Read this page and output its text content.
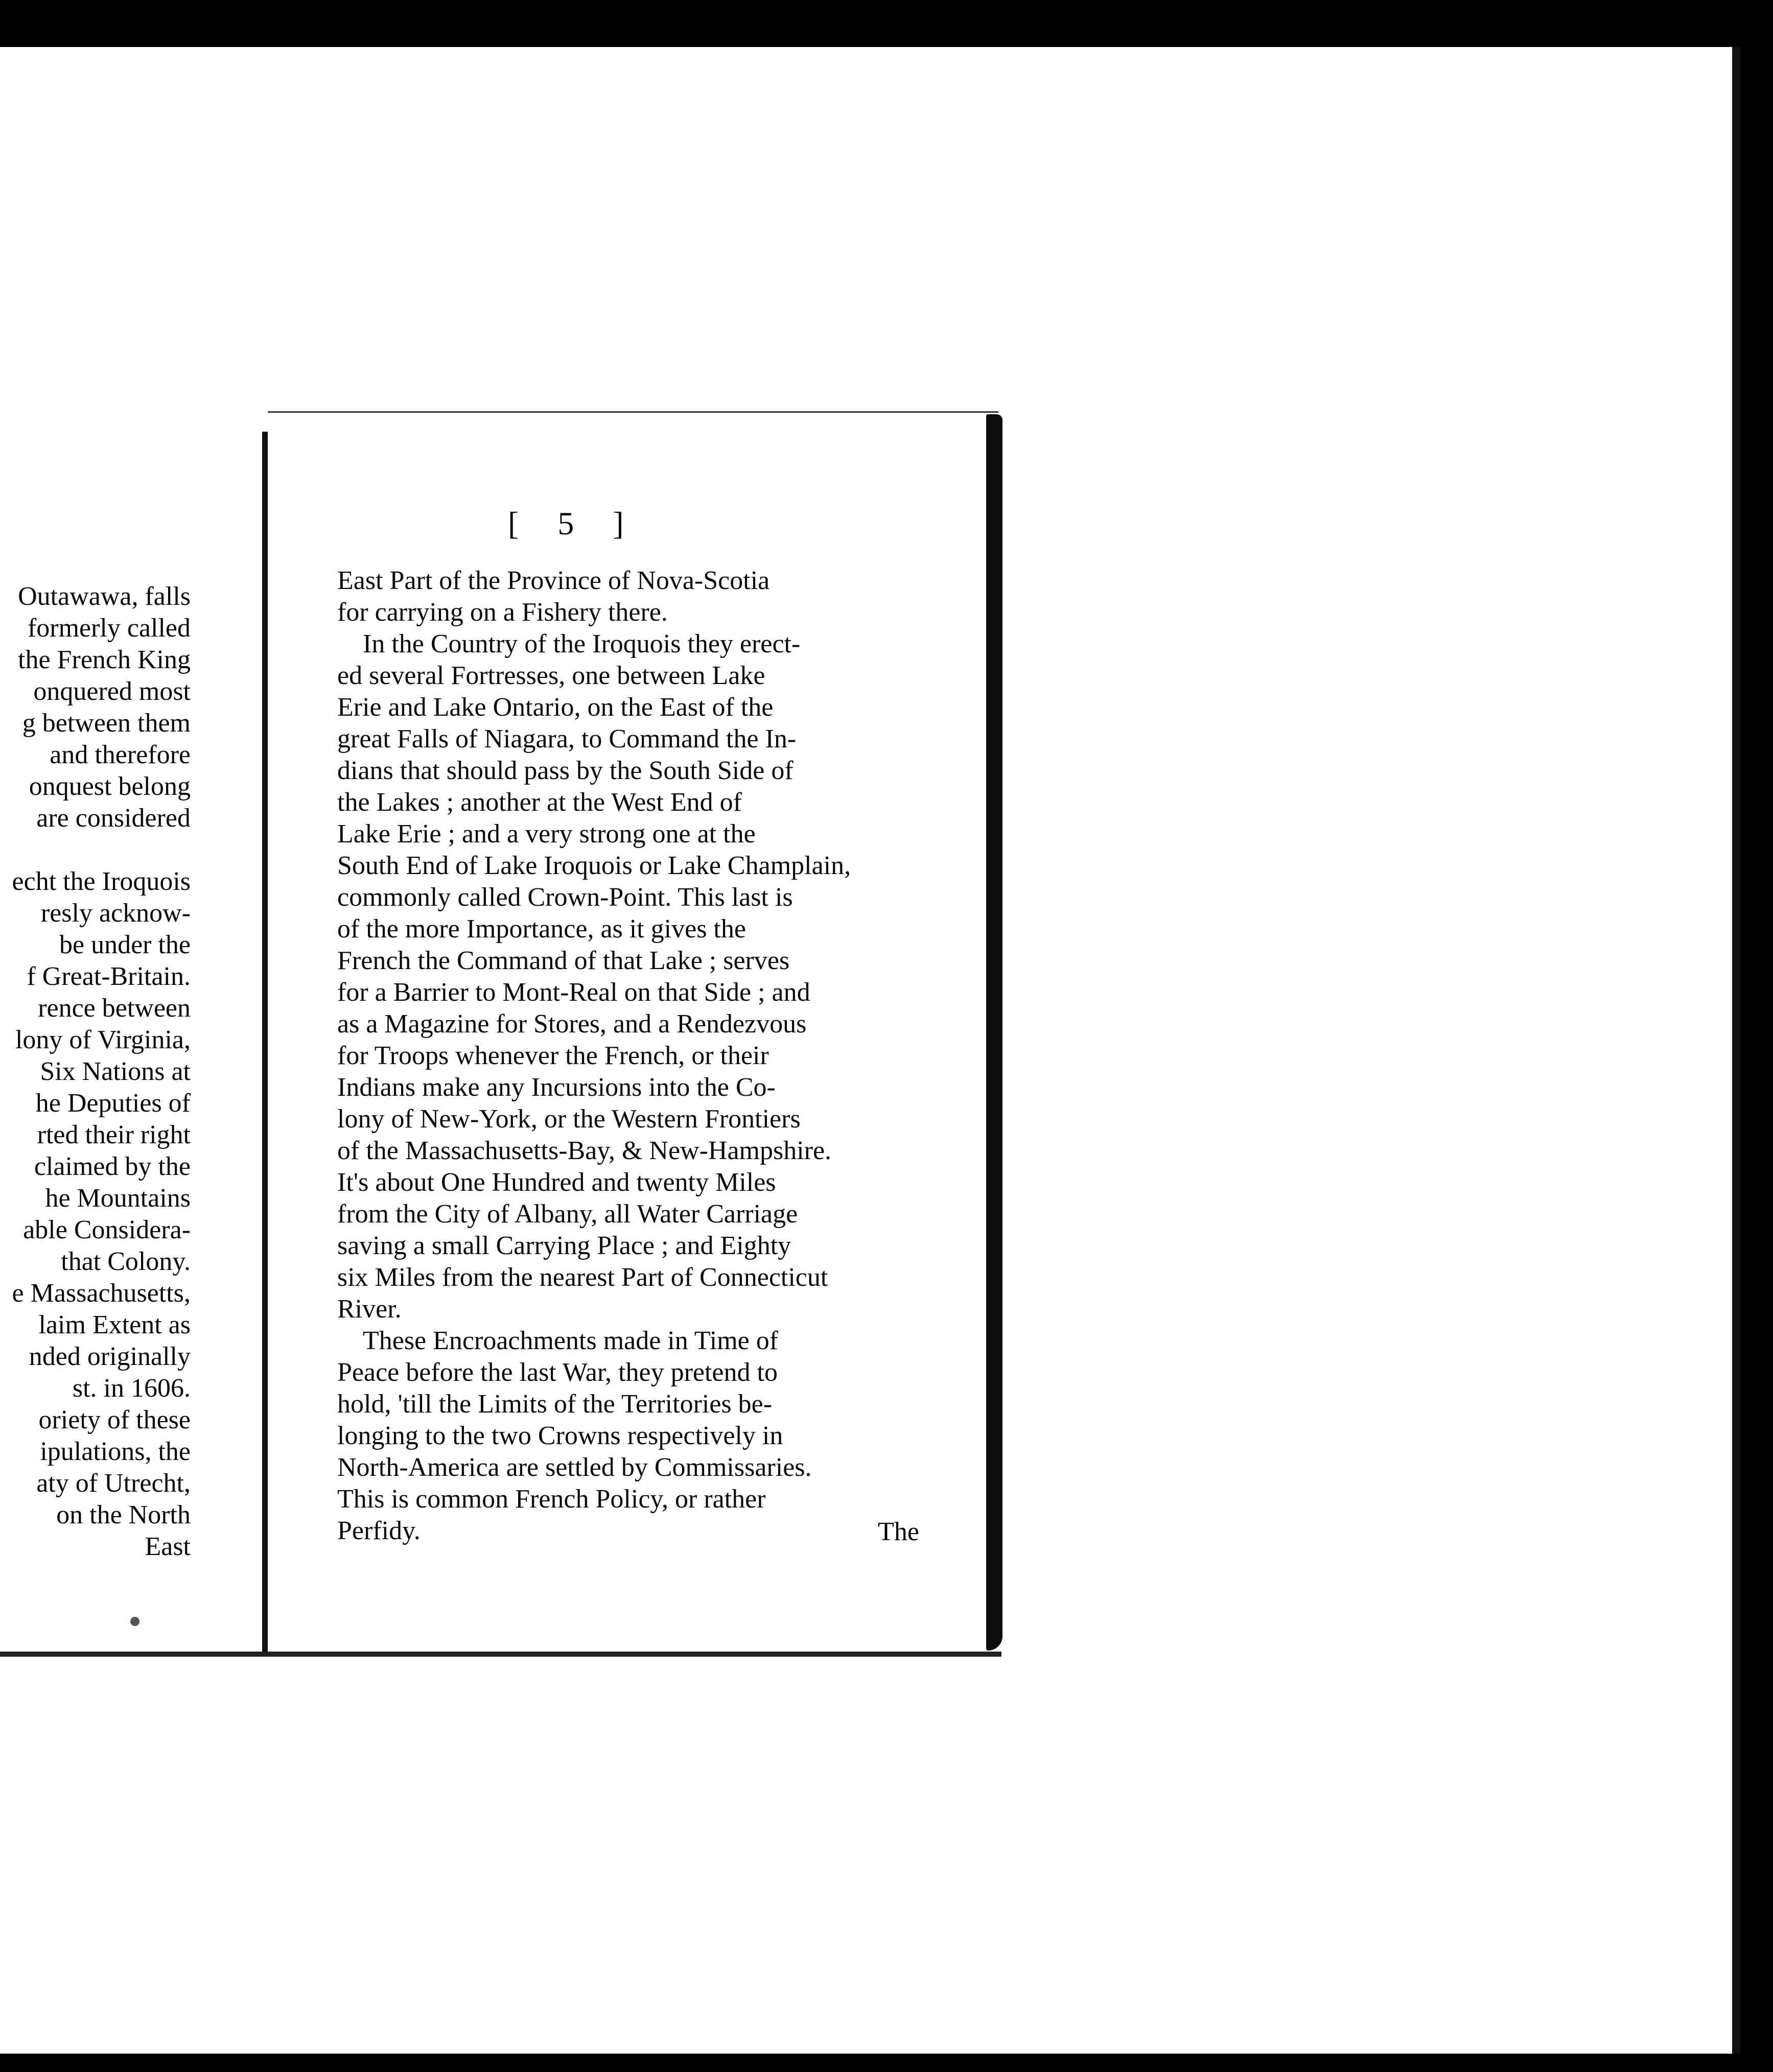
Outawawa, falls
formerly called
the French King
onquered most
g between them
and therefore
onquest belong
are considered
echt the Iroquois
resly acknow-
be under the
f Great-Britain.
rence between
lony of Virginia,
Six Nations at
he Deputies of
rted their right
claimed by the
he Mountains
able Considera-
that Colony.
e Massachusetts,
laim Extent as
nded originally
st. in 1606.
oriety of these
ipulations, the
aty of Utrecht,
on the North
East
[ 5 ]
The
East Part of the Province of Nova-Scotia
for carrying on a Fishery there.
In the Country of the Iroquois they erect-
ed several Fortresses, one between Lake
Erie and Lake Ontario, on the East of the
great Falls of Niagara, to Command the In-
dians that should pass by the South Side of
the Lakes ; another at the West End of
Lake Erie ; and a very strong one at the
South End of Lake Iroquois or Lake Champlain,
commonly called Crown-Point. This last is
of the more Importance, as it gives the
French the Command of that Lake ; serves
for a Barrier to Mont-Real on that Side ; and
as a Magazine for Stores, and a Rendezvous
for Troops whenever the French, or their
Indians make any Incursions into the Co-
lony of New-York, or the Western Frontiers
of the Massachusetts-Bay, & New-Hampshire.
It's about One Hundred and twenty Miles
from the City of Albany, all Water Carriage
saving a small Carrying Place ; and Eighty
six Miles from the nearest Part of Connecticut
River.
These Encroachments made in Time of
Peace before the last War, they pretend to
hold, 'till the Limits of the Territories be-
longing to the two Crowns respectively in
North-America are settled by Commissaries.
This is common French Policy, or rather
Perfidy.
